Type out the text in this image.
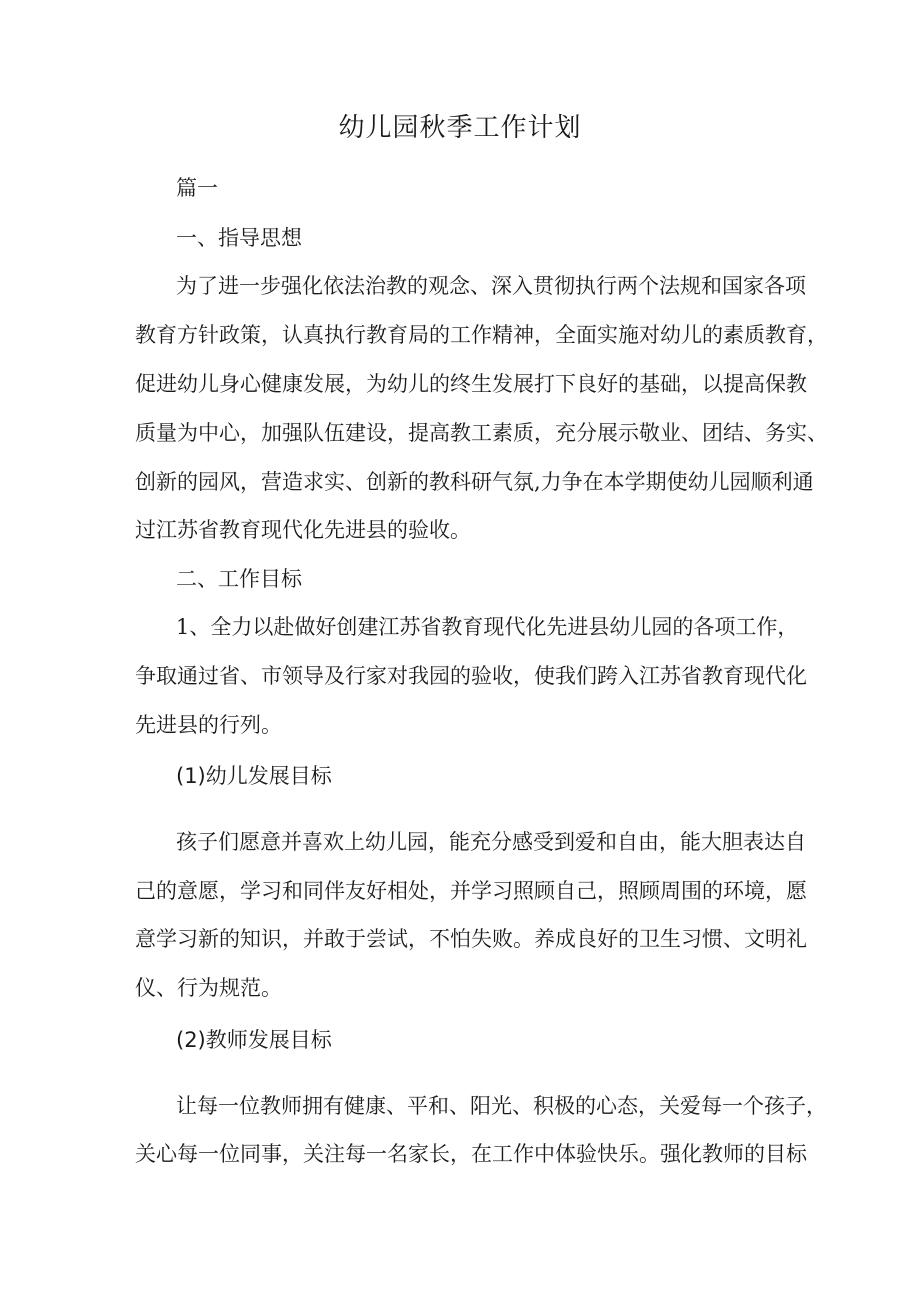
幼儿园秋季工作计划
篇一
一、指导思想
为了进一步强化依法治教的观念、深入贯彻执行两个法规和国家各项
教育方针政策，认真执行教育局的工作精神，全面实施对幼儿的素质教育，
促进幼儿身心健康发展，为幼儿的终生发展打下良好的基础，以提高保教
质量为中心，加强队伍建设，提高教工素质，充分展示敬业、团结、务实、
创新的园风，营造求实、创新的教科研气氛,力争在本学期使幼儿园顺利通
过江苏省教育现代化先进县的验收。
二、工作目标
1、全力以赴做好创建江苏省教育现代化先进县幼儿园的各项工作，
争取通过省、市领导及行家对我园的验收，使我们跨入江苏省教育现代化
先进县的行列。
(1)幼儿发展目标
孩子们愿意并喜欢上幼儿园，能充分感受到爱和自由，能大胆表达自
己的意愿，学习和同伴友好相处，并学习照顾自己，照顾周围的环境，愿
意学习新的知识，并敢于尝试，不怕失败。养成良好的卫生习惯、文明礼
仪、行为规范。
(2)教师发展目标
让每一位教师拥有健康、平和、阳光、积极的心态，关爱每一个孩子，
关心每一位同事，关注每一名家长，在工作中体验快乐。强化教师的目标
